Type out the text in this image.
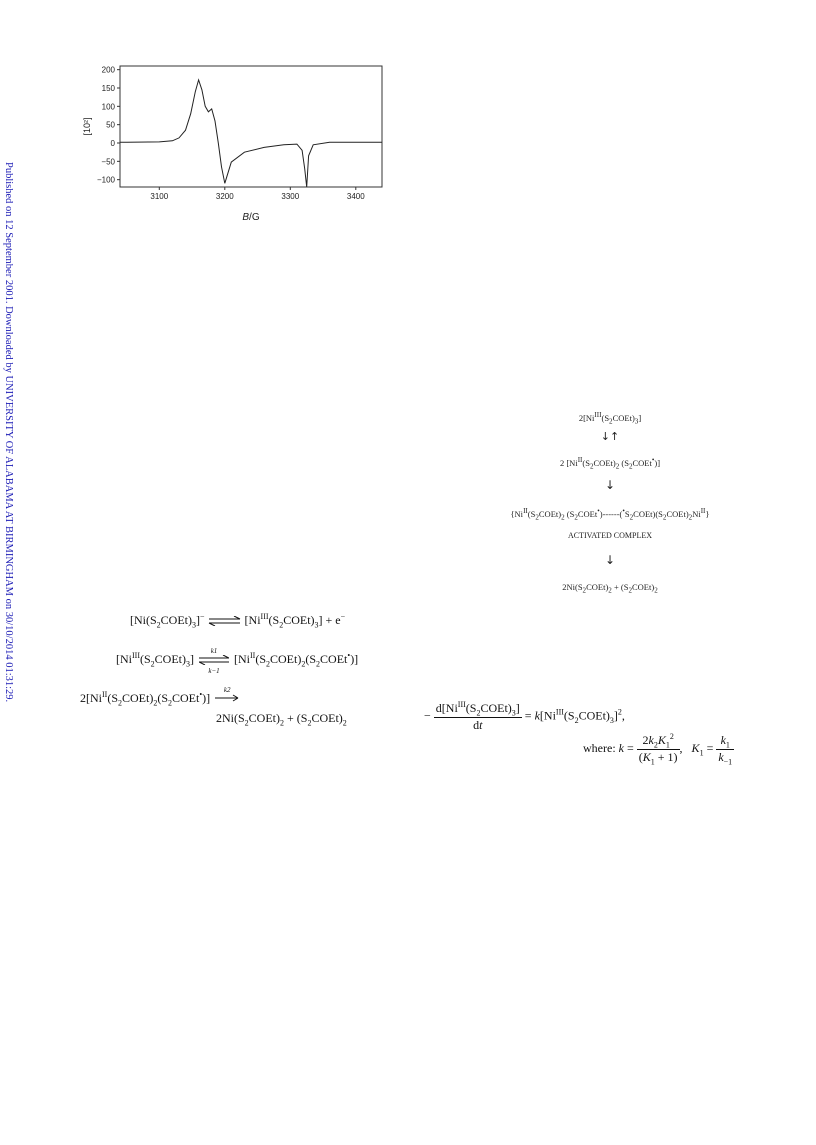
Published on 12 September 2001. Downloaded by UNIVERSITY OF ALABAMA AT BIRMINGHAM on 30/10/2014 01:31:29.
200
150
100
50
0
−50
−100
3100	3200	3300	3400
B/G
[10²]
$2[Ni^{III}(S_2COEt)_3]$
↓↑
2 [$Ni^{II}(S_2COEt)_2$ $(S_2COEt^•)$]
↓
{$Ni^{II}(S_2COEt)_2$ $(S_2COEt^•)------(^•S_2COEt)(S_2COEt)_2Ni^{II}$}
ACTIVATED COMPLEX
↓
$2Ni(S_2COEt)_2$ + $(S_2COEt)_2$
$[Ni(S_2COEt)_3]^-$	$[Ni^{III}(S_2COEt)_3] + e^-$
$[Ni^{III}(S_2COEt)_3]$
k1
k−1
$[Ni^{II}(S_2COEt)_2(S_2COEt^•)]$
$2[Ni^{II}(S_2COEt)_2(S_2COEt^•)]$
k2
$2Ni(S_2COEt)_2$ + $(S_2COEt)_2$
− $\frac{d[Ni^{III}(S_2COEt)_3]}{dt}$ = $k[Ni^{III}(S_2COEt)_3]^2$,
where: $k = \frac{2k_2K_1^2}{(K_1 + 1)}$ ,   $K_1 = \frac{k_1}{k_{-1}}$
